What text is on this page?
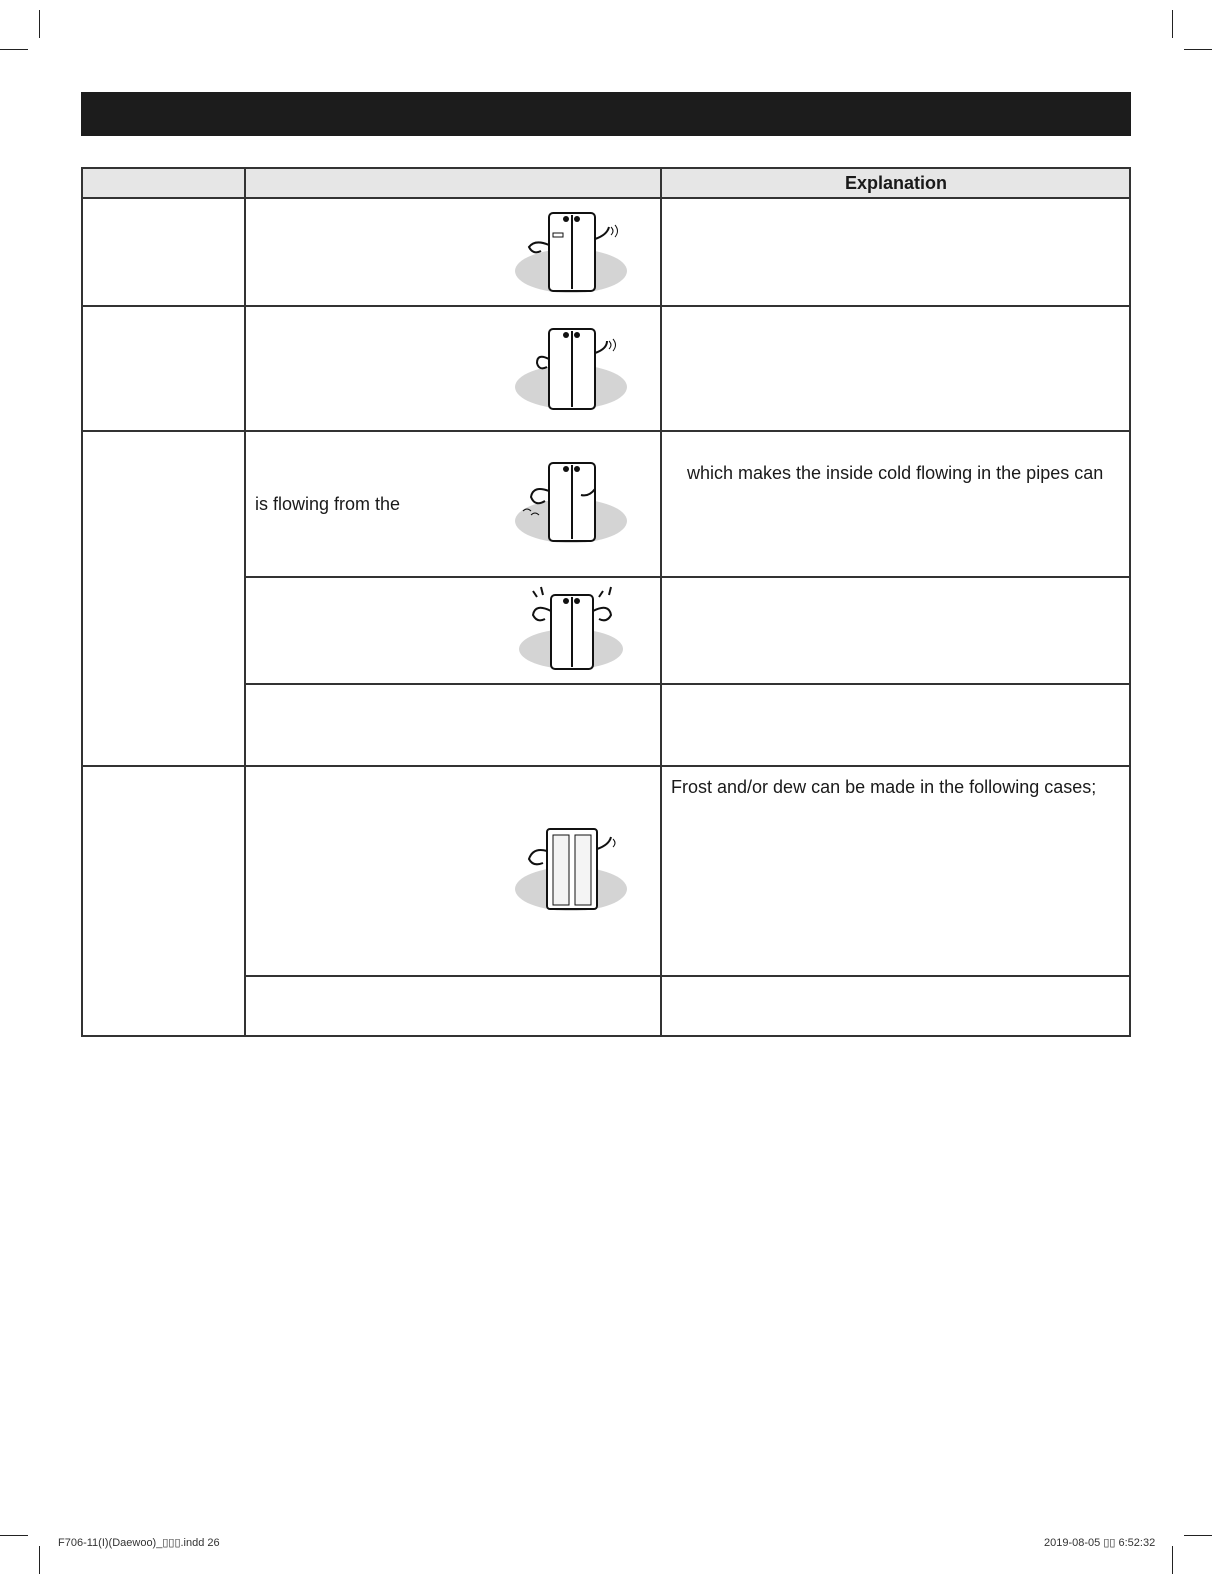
Explanation
is flowing from the
which makes the inside cold flowing in the pipes can
Frost and/or dew can be made in the following cases;
F706-11(I)(Daewoo)_▯▯▯.indd 26	2019-08-05 ▯▯ 6:52:32
